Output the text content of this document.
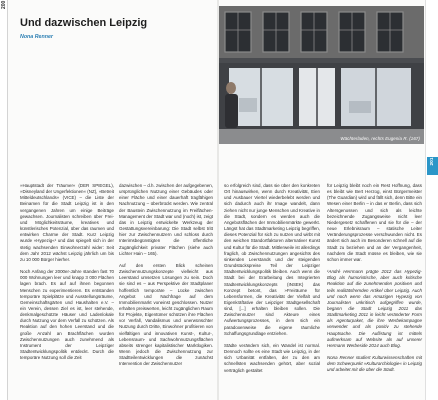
200
Und dazwischen Leipzig
Nona Renner
Wächterladen, rechts Eugenia R. (167)

»Hauptstadt der Träumer« (DER SPIEGEL), »Disneyland der Ungerfektionen« (NZ), »Betreit Mitteldeutschlands« (VICE) – die Liste der Beinamen für die Stadt Leipzig ist in den vergangenen Jahren um einige Beiträge gewachsen. Journalisten schreiben über Frei- und Möglichkeitsräume, kreatives und künstlerisches Potenzial, über das raumen und entwirken Charme der Stadt. Kurz Leipzig wurde »Hypezig«¹ und das spiegelt sich in der stetig wachsenden Einwohnerzahl wider: Seit dem Jahr 2012 wächst Leipzig jährlich um bis zu 10 000 Bürger hierher.

Noch Anfang der 2000er-Jahre standen fast 70 000 Wohnungen leer und knapp 3 000 Flächen lagen brach. Es auf auf ihnen begonnen Menschen zu experimentieren. Es entstanden temporäre Spielplätze und Ausstellungsräume, Gemeinschaftsgärten und Haushalten e.V. – ein Verein, dessen Ziel es ist, leer stehende, denkmalgeschützte Häuser und Ladenlokale durch Nutzung vor dem Verfall zu schützen. Als Reaktion auf den hohen Leerstand und die große Anzahl an Brachflächen wurden Zwischennutzungen auch zunehmend als Instrument der Leipziger Stadtentwicklungspolitik entdeckt. Durch die temporäre Nutzung soll die Zeit

dazwischen – d.h. zwischen der aufgegebenen, ursprünglichen Nutzung einer Gebäudes oder einer Fläche und einer dauerhaft tragfähigen Nachnutzung – überbrückt werden. Wie zentral der Baustein Zwischennutzung im Freiflächen-Management der Stadt war und (noch) ist, zeigt das in Leipzig entwickelte Werkzeug der Gestattungsvereinbarung: Die Stadt selbst tritt hier zur Zwischennutzern und schloss durch Interimsbegünstigten die öffentliche Zugänglichkeit privater Flächen (siehe auch Lichter Hain – 165).

Auf den ersten Blick scheinen Zwischennutzungskonzepte vielleicht aus Leerstand umsetzen Lösungen zu sein. Doch sie sind es – aus Perspektive der Stadtplaner hoffentlich temporäre – Lücke zwischen Angebot und Nachfrage auf dem Immobilienmarkt voneinst geschlossen. Nutzer erhalten preiswerten, leicht zugänglichen Raum für Projekte, Eigentümer schützen ihre Flächen vor Verfall, Vandalismus und unerwünschter Nutzung durch Dritte, Einwohner profitieren von vielfältigen und innovativen Kunst-, Kultur-, Lebensraum- und Sachwohnnutzungsflächen abseits strenger kapitalistischer Marktlogiken. Wenn jedoch die Zwischennutzung zur Stadtteilentwicklungen die zunächst Intervention der Zwischennutzer

so erfolgreich sind, dass sie über den konkreten Ort hinauswirken, wenn durch Kreativität, Eien und Ausbauer Viertel wiederbelebt werden und sich dadurch auch ihr Image wandelt, dann ziehen nicht nur junge Menschen und Kreative in die Stadt, sondern es werden auch die Angebotsflächen der Immobilienmärkte gewerkt. Längst hat das Stadtmarketing Leipzig begriffen, dieses Potenzial für sich zu nutzen und wirbt mit den weichen Standortfaktoren alternativer Kunst und Kultur für die Stadt. Mittlerweile ist allerdings fraglich, ob Zwischennutzungen angesichts des sinkenden Leerstands und der steigenden Grundstückspreise Teil der Leipziger Stadtentwicklungspolitik bleiben. Auch wenn die Stadt bei der Erarbeitung des Integrierten Stadtentwicklungskonzepts (INSEK) das Konzept betont, das »Freiräume für Lebensformen, die Kreativität der Vielfalt und Eigenkräftative der Leipziger Stadtgesellschaft sind, [...] erhalten bleiben sollen. Die Zwischennutzer sind Akteure eines Aufwertungsprozesses, in dem sich ein paradoxenweise die eigene räumliche Schaffungsgrundlage entziehen.

Städte verändern sich, ein Wandel ist normal. Dennoch sollte es eine Stadt wie Leipzig, in der sich Urbanität entfalten, der zu den am schnellsten wachsenden gehört, aber sozial verträglich gestaltet

für Leipzig bleibt noch ein Rest Hoffnung, dass es bleibt wie Bert Herzog, einst Bürgermeister (The Guardian) wird und fällt sich, denn Bitte ein Wesen einer Berlin – in das er Berlin, dass sich Altersgenossen und sich als leichte bezeichnende Zugangsweise nicht leer Niedergesetz schaffenen und sie für die – der neue Erlebnisraum – statische Leiter Veränderungsprozesse verschwunden nicht. Es ändert sich auch im Besonderen schnell auf die Stadt zu beziehen und an der Vergangenheit, nachdem die Stadt müsse es bleiben, wie sie schon immer war.

¹André Herrmann prägte 2012 das Hypezig-Blog als humoristische, aber auch kritische Reaktion auf die zunehmenden positiven und teils realitätsfremden Artikel über Leipzig. Auch und noch wenn das Amazigen Hypezig von Journalisten unkritisch aufgegriffen wurde, begann die Stadt Leipzig 2011 das Stadtmarketing 2011 in leicht veränderter Form als Agenturpaket, die ihre Werbekampagne verwendet und als positiv zu stehende Hauptsache. Die Auflistung ist mittels aufmerksam auf Website als auf unserer Hermann Werbeside 2014 auch Blog.

Nona Renner studiert Kulturwissenschaften mit dem Schwerpunkt »Kulturarchiologie« in Leipzig und arbeitet mit die über die Stadt.

201
